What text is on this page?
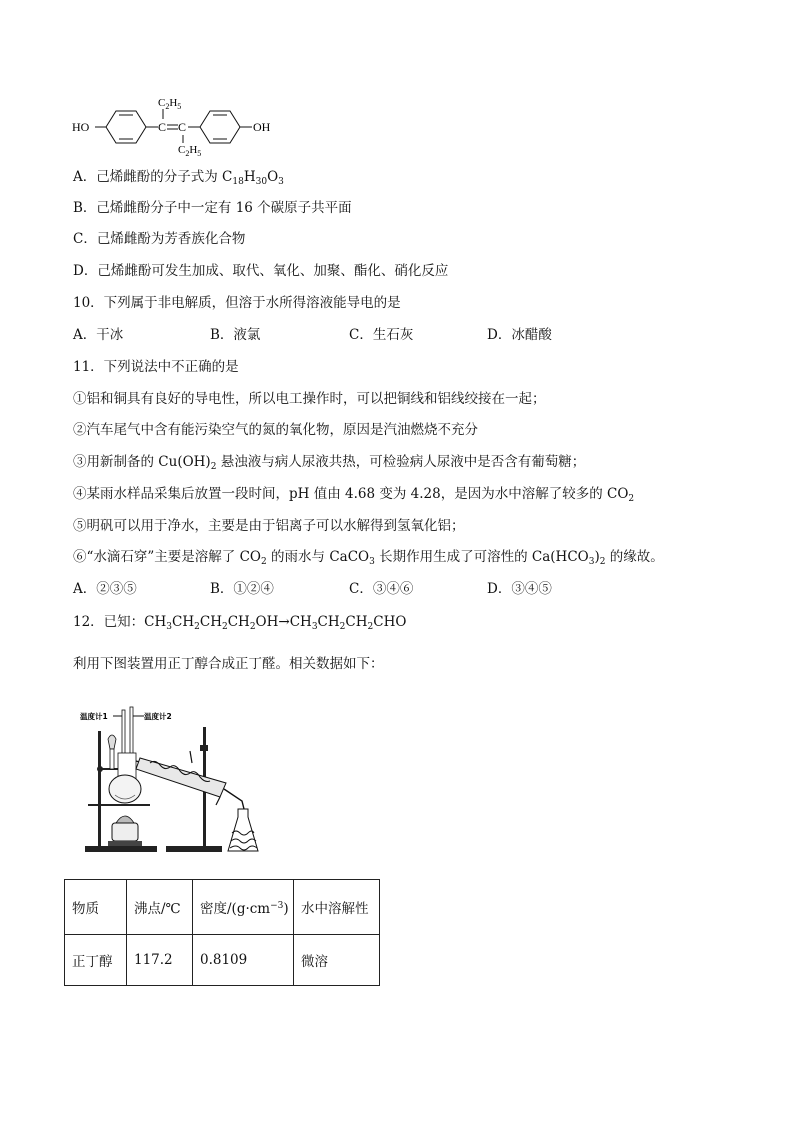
HO	C C
$C_2H_5$
$C_2H_5$
OH
A．己烯雌酚的分子式为 $C_{18}H_{30}O_3$
B．己烯雌酚分子中一定有 16 个碳原子共平面
C．己烯雌酚为芳香族化合物
D．己烯雌酚可发生加成、取代、氧化、加聚、酯化、硝化反应
10．下列属于非电解质，但溶于水所得溶液能导电的是
A．干冰	B．液氯	C．生石灰	D．冰醋酸
11．下列说法中不正确的是
①铝和铜具有良好的导电性，所以电工操作时，可以把铜线和铝线绞接在一起；
②汽车尾气中含有能污染空气的氮的氧化物，原因是汽油燃烧不充分
③用新制备的 $Cu(OH)_2$ 悬浊液与病人尿液共热，可检验病人尿液中是否含有葡萄糖；
④某雨水样品采集后放置一段时间，pH 值由 4.68 变为 4.28，是因为水中溶解了较多的 $CO_2$
⑤明矾可以用于净水，主要是由于铝离子可以水解得到氢氧化铝；
⑥“水滴石穿”主要是溶解了 $CO_2$ 的雨水与 CaCO$_3$ 长期作用生成了可溶性的 $Ca(HCO_3)_2$ 的缘故。
A．②③⑤	B．①②④	C．③④⑥	D．③④⑤
12．已知：$CH_3CH_2CH_2CH_2OH\to CH_3CH_2CH_2CHO$
利用下图装置用正丁醇合成正丁醛。相关数据如下：
温度计1	温度计2
物质	沸点/℃	密度$/(g\cdot cm^{-3})$	水中溶解性
正丁醇	117.2	0.8109	微溶
